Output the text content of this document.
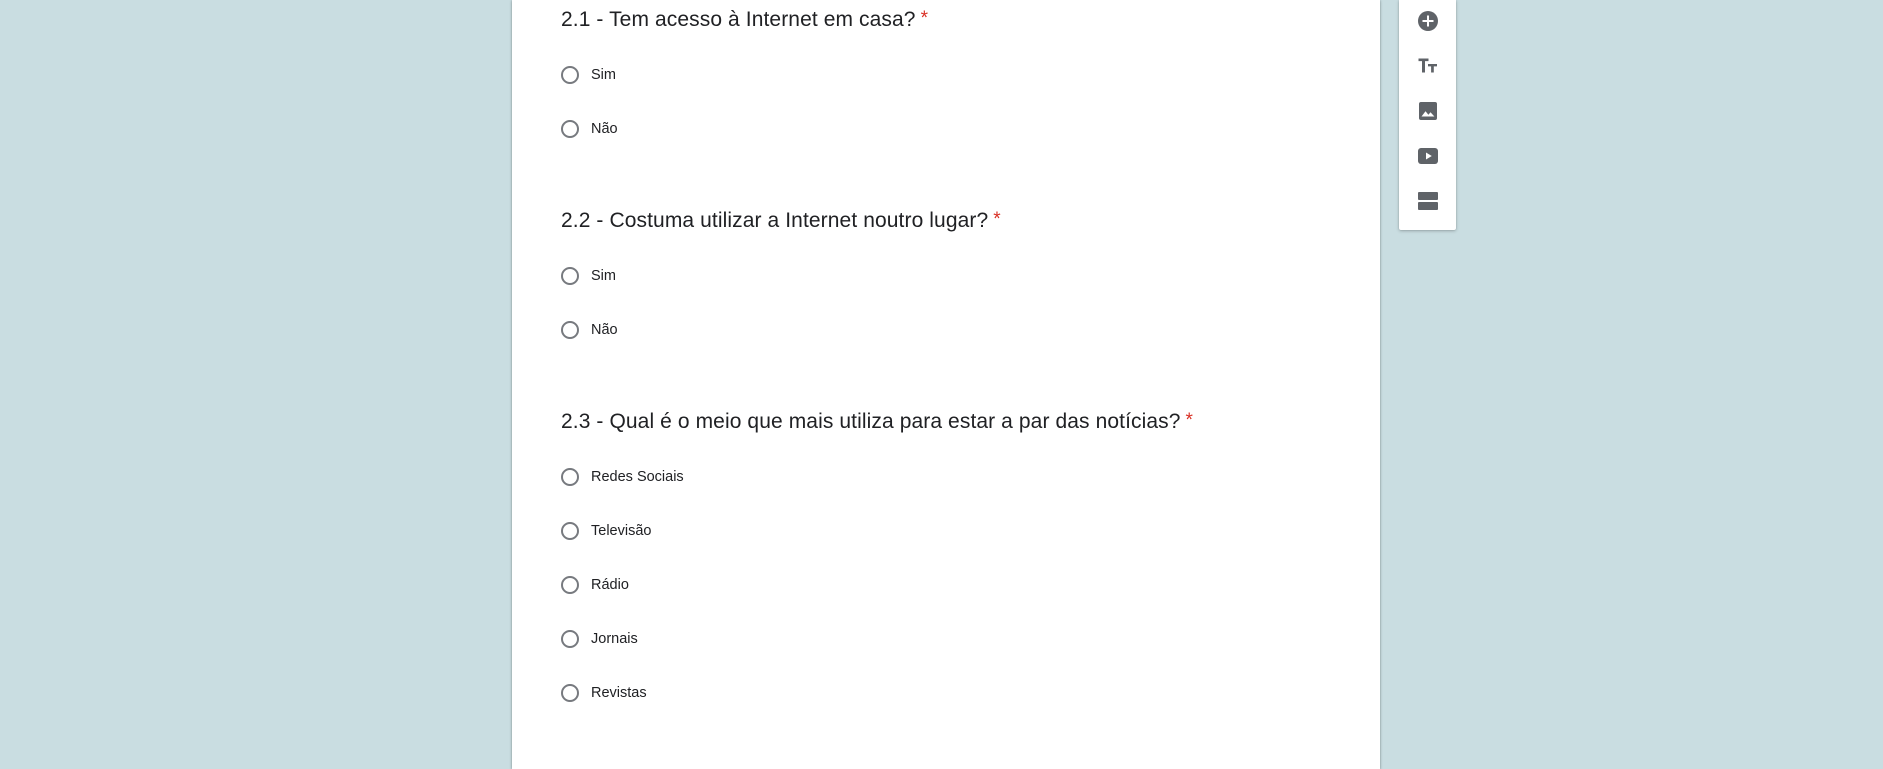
2.1 - Tem acesso à Internet em casa? *
Sim
Não
2.2 - Costuma utilizar a Internet noutro lugar? *
Sim
Não
2.3 - Qual é o meio que mais utiliza para estar a par das notícias? *
Redes Sociais
Televisão
Rádio
Jornais
Revistas
